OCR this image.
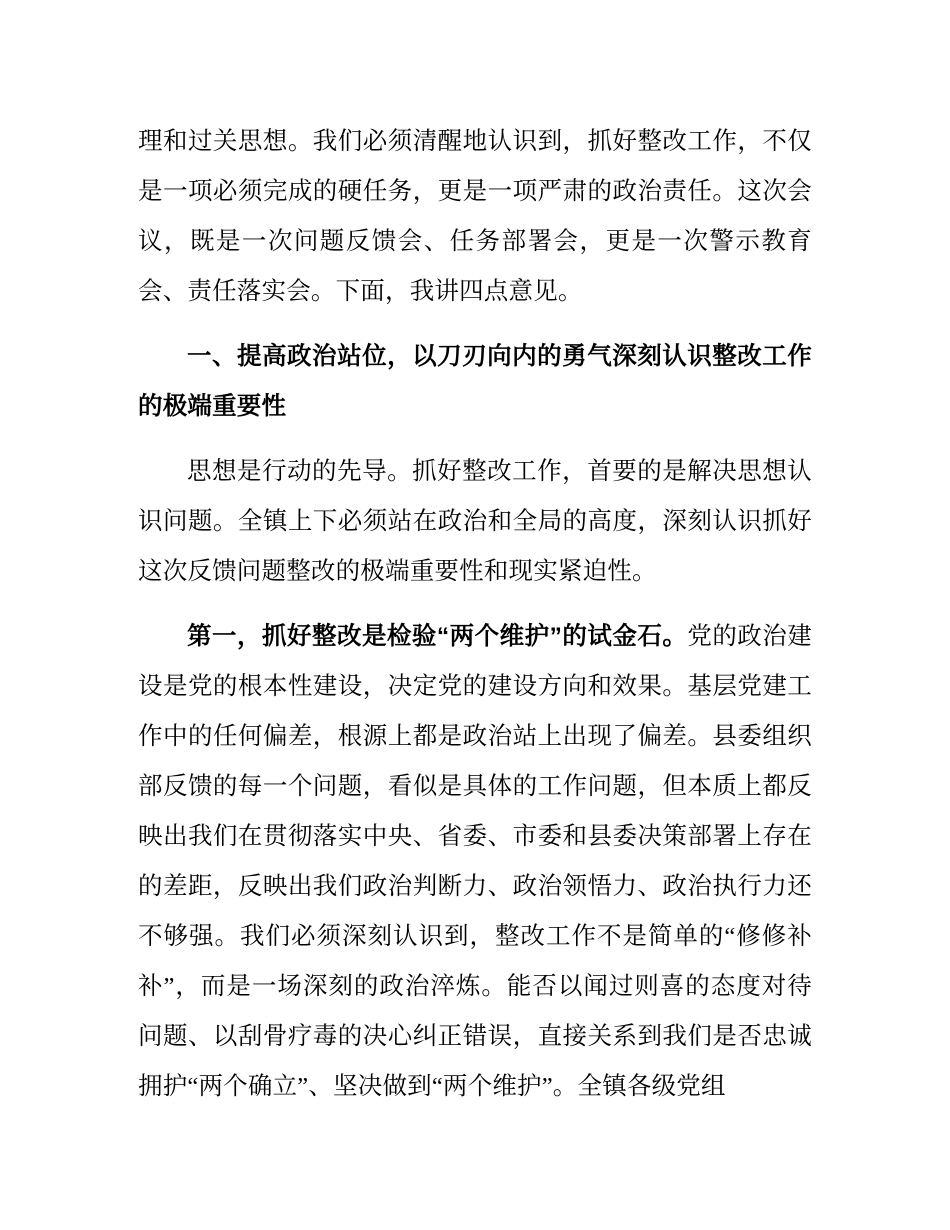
理和过关思想。我们必须清醒地认识到，抓好整改工作，不仅是一项必须完成的硬任务，更是一项严肃的政治责任。这次会议，既是一次问题反馈会、任务部署会，更是一次警示教育会、责任落实会。下面，我讲四点意见。

一、提高政治站位，以刀刃向内的勇气深刻认识整改工作的极端重要性

思想是行动的先导。抓好整改工作，首要的是解决思想认识问题。全镇上下必须站在政治和全局的高度，深刻认识抓好这次反馈问题整改的极端重要性和现实紧迫性。

第一，抓好整改是检验“两个维护”的试金石。党的政治建设是党的根本性建设，决定党的建设方向和效果。基层党建工作中的任何偏差，根源上都是政治站上出现了偏差。县委组织部反馈的每一个问题，看似是具体的工作问题，但本质上都反映出我们在贯彻落实中央、省委、市委和县委决策部署上存在的差距，反映出我们政治判断力、政治领悟力、政治执行力还不够强。我们必须深刻认识到，整改工作不是简单的“修修补补”，而是一场深刻的政治淬炼。能否以闻过则喜的态度对待问题、以刮骨疗毒的决心纠正错误，直接关系到我们是否忠诚拥护“两个确立”、坚决做到“两个维护”。全镇各级党组
